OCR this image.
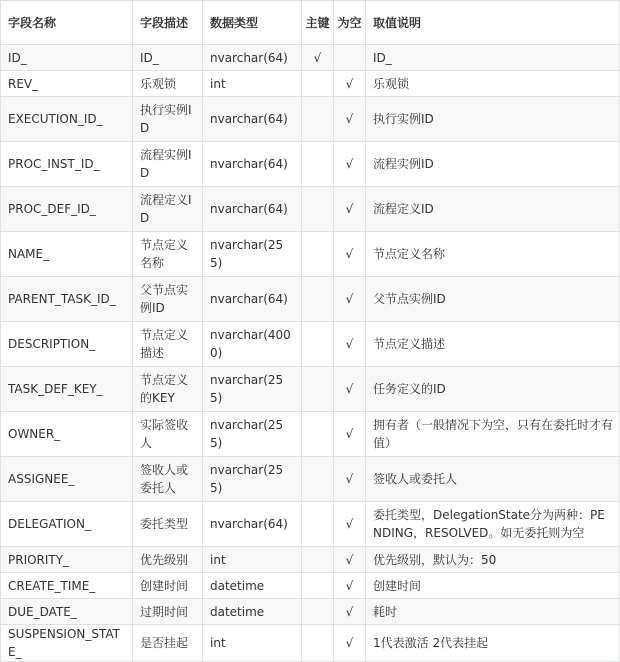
字段名称	字段描述	数据类型	主键	为空	取值说明
ID_	ID_	nvarchar(64)	√		ID_
REV_	乐观锁	int		√	乐观锁
EXECUTION_ID_	执行实例ID	nvarchar(64)		√	执行实例ID
PROC_INST_ID_	流程实例ID	nvarchar(64)		√	流程实例ID
PROC_DEF_ID_	流程定义ID	nvarchar(64)		√	流程定义ID
NAME_	节点定义名称	nvarchar(255)		√	节点定义名称
PARENT_TASK_ID_	父节点实例ID	nvarchar(64)		√	父节点实例ID
DESCRIPTION_	节点定义描述	nvarchar(4000)		√	节点定义描述
TASK_DEF_KEY_	节点定义的KEY	nvarchar(255)		√	任务定义的ID
OWNER_	实际签收人	nvarchar(255)		√	拥有者（一般情况下为空，只有在委托时才有值）
ASSIGNEE_	签收人或委托人	nvarchar(255)		√	签收人或委托人
DELEGATION_	委托类型	nvarchar(64)		√	委托类型，DelegationState分为两种：PENDING，RESOLVED。如无委托则为空
PRIORITY_	优先级别	int		√	优先级别，默认为：50
CREATE_TIME_	创建时间	datetime		√	创建时间
DUE_DATE_	过期时间	datetime		√	耗时
SUSPENSION_STATE_	是否挂起	int		√	1代表激活 2代表挂起
